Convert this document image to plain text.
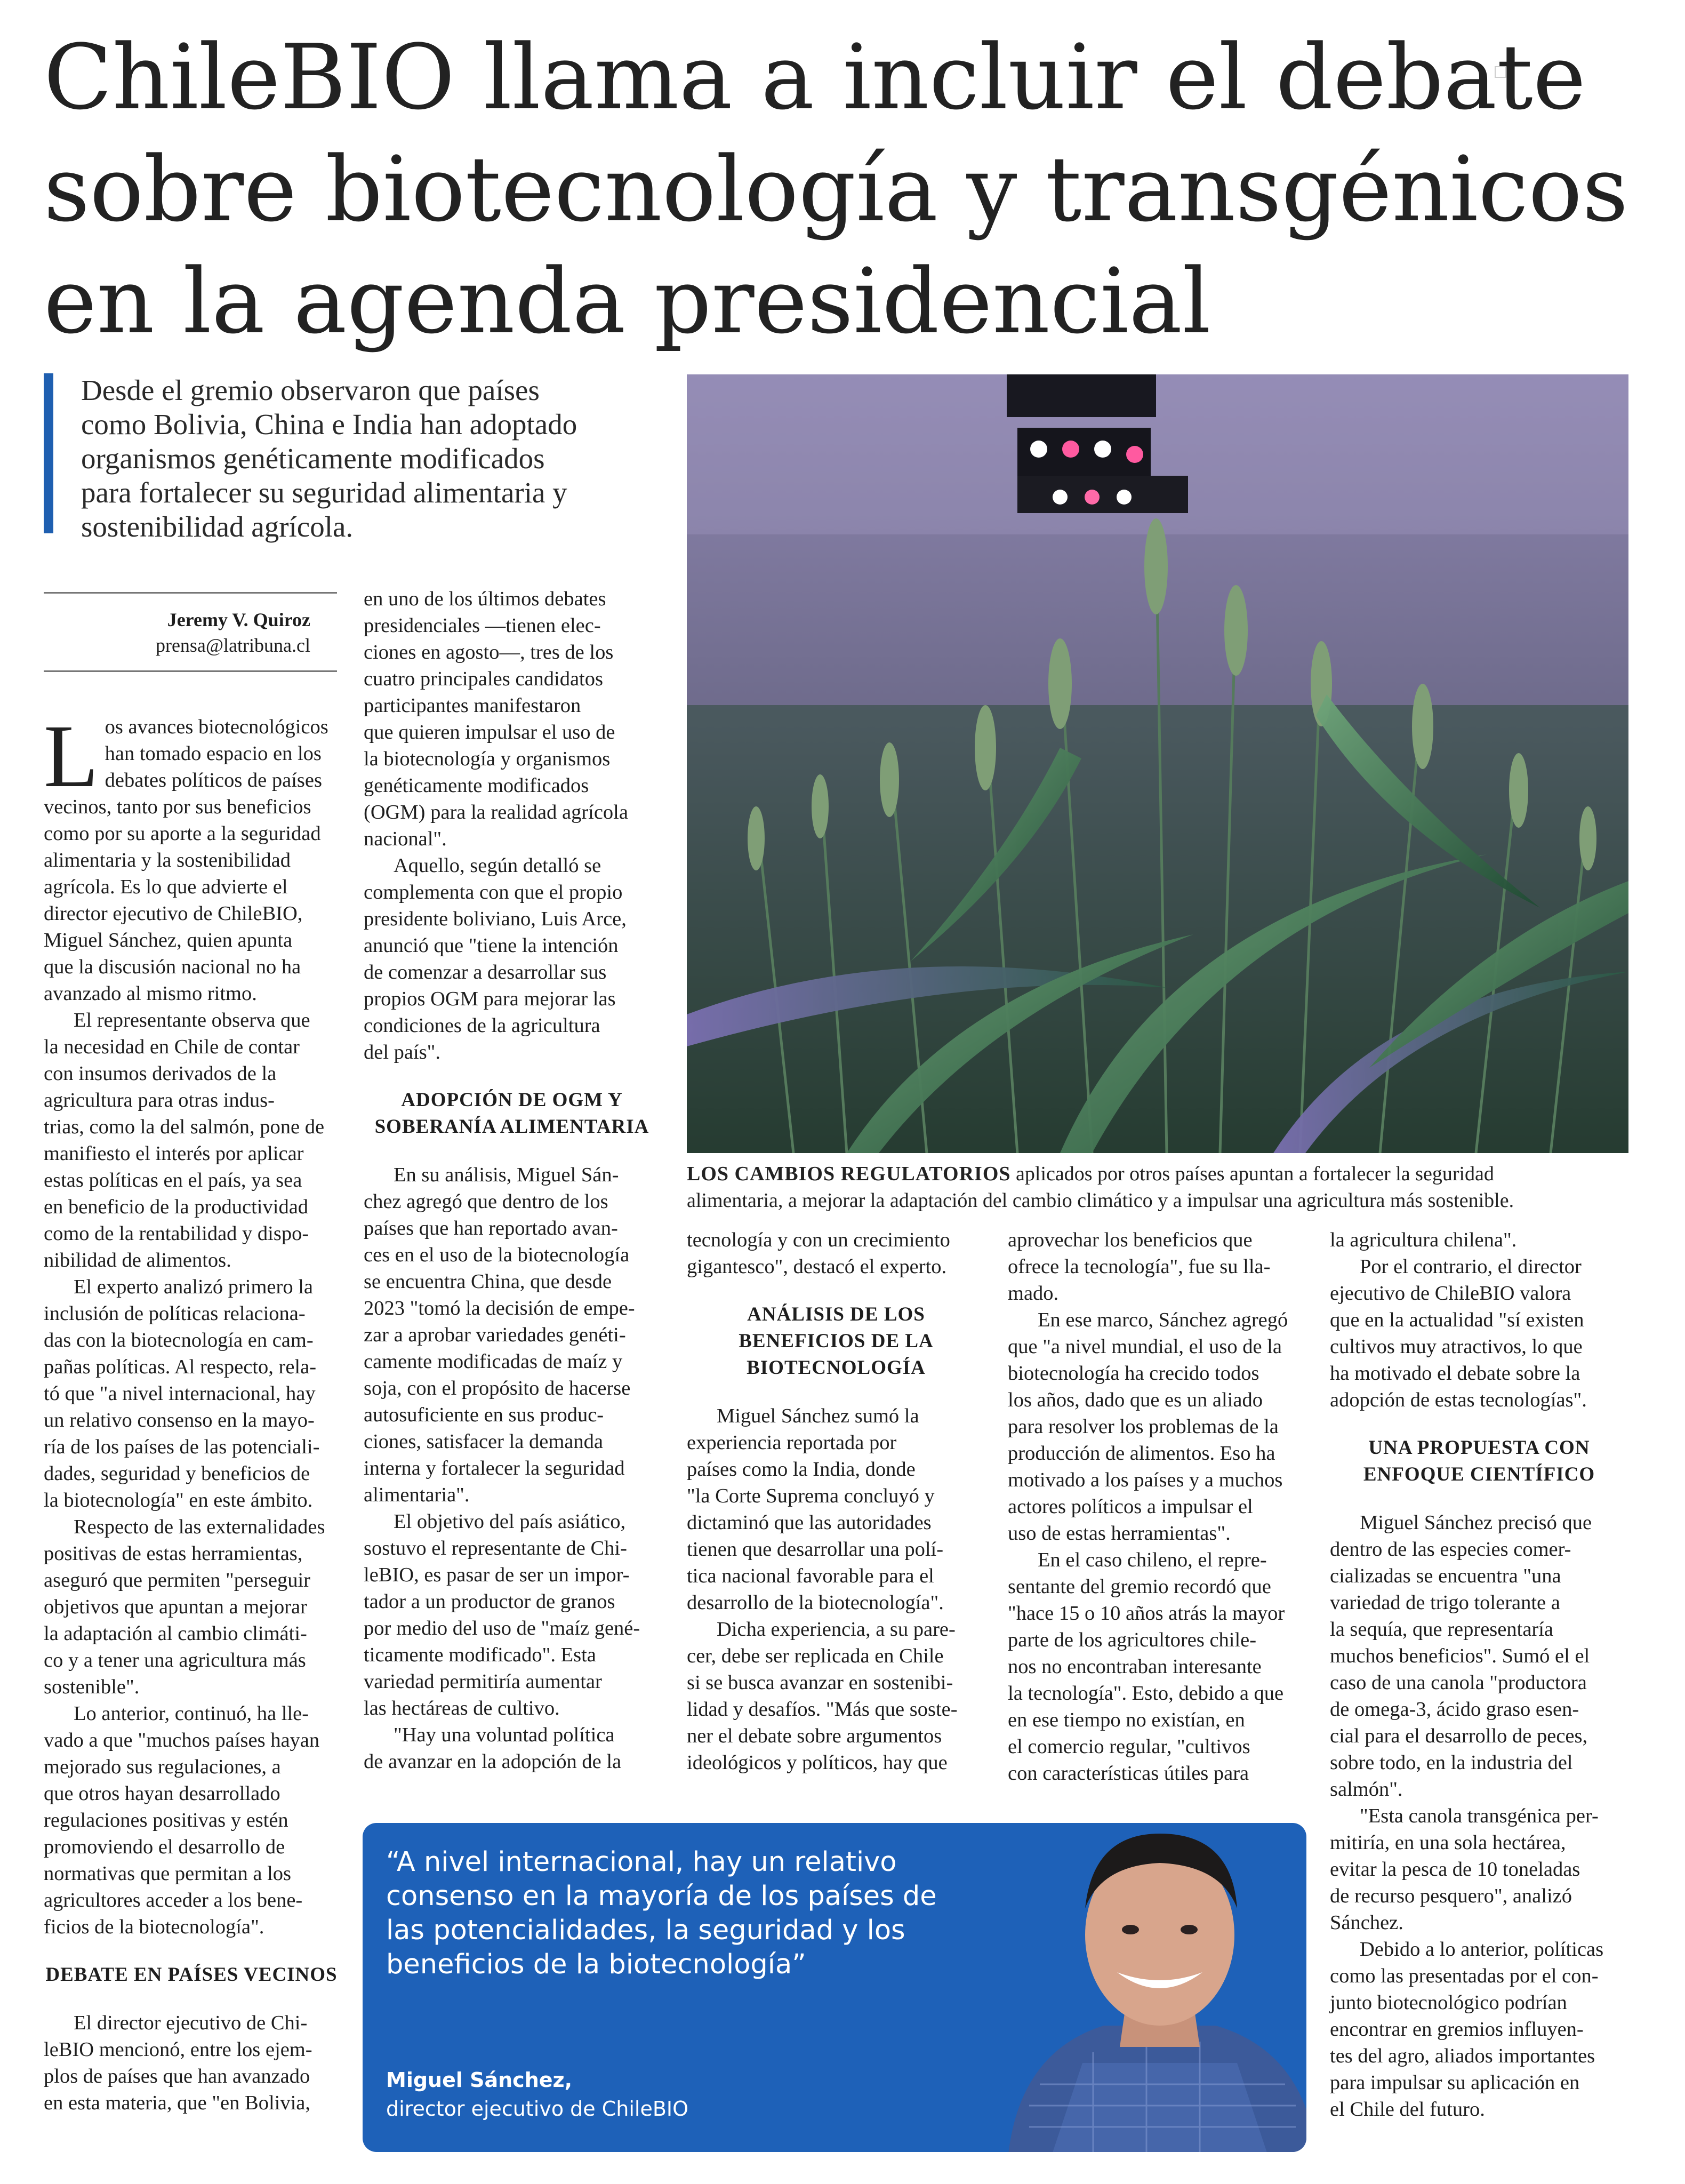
ChileBIO llama a incluir el debate
sobre biotecnología y transgénicos
en la agenda presidencial
Desde el gremio observaron que países
como Bolivia, China e India han adoptado
organismos genéticamente modificados
para fortalecer su seguridad alimentaria y
sostenibilidad agrícola.
LOS CAMBIOS REGULATORIOS aplicados por otros países apuntan a fortalecer la seguridad
alimentaria, a mejorar la adaptación del cambio climático y a impulsar una agricultura más sostenible.
Jeremy V. Quiroz
prensa@latribuna.cl
L os avances biotecnológicos
han tomado espacio en los
debates políticos de países
vecinos, tanto por sus beneficios
como por su aporte a la seguridad
alimentaria y la sostenibilidad
agrícola. Es lo que advierte el
director ejecutivo de ChileBIO,
Miguel Sánchez, quien apunta
que la discusión nacional no ha
avanzado al mismo ritmo.
El representante observa que
la necesidad en Chile de contar
con insumos derivados de la
agricultura para otras indus-
trias, como la del salmón, pone de
manifiesto el interés por aplicar
estas políticas en el país, ya sea
en beneficio de la productividad
como de la rentabilidad y dispo-
nibilidad de alimentos.
El experto analizó primero la
inclusión de políticas relaciona-
das con la biotecnología en cam-
pañas políticas. Al respecto, rela-
tó que "a nivel internacional, hay
un relativo consenso en la mayo-
ría de los países de las potenciali-
dades, seguridad y beneficios de
la biotecnología" en este ámbito.
Respecto de las externalidades
positivas de estas herramientas,
aseguró que permiten "perseguir
objetivos que apuntan a mejorar
la adaptación al cambio climáti-
co y a tener una agricultura más
sostenible".
Lo anterior, continuó, ha lle-
vado a que "muchos países hayan
mejorado sus regulaciones, a
que otros hayan desarrollado
regulaciones positivas y estén
promoviendo el desarrollo de
normativas que permitan a los
agricultores acceder a los bene-
ficios de la biotecnología".
DEBATE EN PAÍSES VECINOS
El director ejecutivo de Chi-
leBIO mencionó, entre los ejem-
plos de países que han avanzado
en esta materia, que "en Bolivia,
en uno de los últimos debates
presidenciales —tienen elec-
ciones en agosto—, tres de los
cuatro principales candidatos
participantes manifestaron
que quieren impulsar el uso de
la biotecnología y organismos
genéticamente modificados
(OGM) para la realidad agrícola
nacional".
Aquello, según detalló se
complementa con que el propio
presidente boliviano, Luis Arce,
anunció que "tiene la intención
de comenzar a desarrollar sus
propios OGM para mejorar las
condiciones de la agricultura
del país".
ADOPCIÓN DE OGM Y
SOBERANÍA ALIMENTARIA
En su análisis, Miguel Sán-
chez agregó que dentro de los
países que han reportado avan-
ces en el uso de la biotecnología
se encuentra China, que desde
2023 "tomó la decisión de empe-
zar a aprobar variedades genéti-
camente modificadas de maíz y
soja, con el propósito de hacerse
autosuficiente en sus produc-
ciones, satisfacer la demanda
interna y fortalecer la seguridad
alimentaria".
El objetivo del país asiático,
sostuvo el representante de Chi-
leBIO, es pasar de ser un impor-
tador a un productor de granos
por medio del uso de "maíz gené-
ticamente modificado". Esta
variedad permitiría aumentar
las hectáreas de cultivo.
"Hay una voluntad política
de avanzar en la adopción de la
tecnología y con un crecimiento
gigantesco", destacó el experto.
ANÁLISIS DE LOS
BENEFICIOS DE LA
BIOTECNOLOGÍA
Miguel Sánchez sumó la
experiencia reportada por
países como la India, donde
"la Corte Suprema concluyó y
dictaminó que las autoridades
tienen que desarrollar una polí-
tica nacional favorable para el
desarrollo de la biotecnología".
Dicha experiencia, a su pare-
cer, debe ser replicada en Chile
si se busca avanzar en sostenibi-
lidad y desafíos. "Más que soste-
ner el debate sobre argumentos
ideológicos y políticos, hay que
aprovechar los beneficios que
ofrece la tecnología", fue su lla-
mado.
En ese marco, Sánchez agregó
que "a nivel mundial, el uso de la
biotecnología ha crecido todos
los años, dado que es un aliado
para resolver los problemas de la
producción de alimentos. Eso ha
motivado a los países y a muchos
actores políticos a impulsar el
uso de estas herramientas".
En el caso chileno, el repre-
sentante del gremio recordó que
"hace 15 o 10 años atrás la mayor
parte de los agricultores chile-
nos no encontraban interesante
la tecnología". Esto, debido a que
en ese tiempo no existían, en
el comercio regular, "cultivos
con características útiles para
la agricultura chilena".
Por el contrario, el director
ejecutivo de ChileBIO valora
que en la actualidad "sí existen
cultivos muy atractivos, lo que
ha motivado el debate sobre la
adopción de estas tecnologías".
UNA PROPUESTA CON
ENFOQUE CIENTÍFICO
Miguel Sánchez precisó que
dentro de las especies comer-
cializadas se encuentra "una
variedad de trigo tolerante a
la sequía, que representaría
muchos beneficios". Sumó el el
caso de una canola "productora
de omega-3, ácido graso esen-
cial para el desarrollo de peces,
sobre todo, en la industria del
salmón".
"Esta canola transgénica per-
mitiría, en una sola hectárea,
evitar la pesca de 10 toneladas
de recurso pesquero", analizó
Sánchez.
Debido a lo anterior, políticas
como las presentadas por el con-
junto biotecnológico podrían
encontrar en gremios influyen-
tes del agro, aliados importantes
para impulsar su aplicación en
el Chile del futuro.
“A nivel internacional, hay un relativo
consenso en la mayoría de los países de
las potencialidades, la seguridad y los
beneficios de la biotecnología”
Miguel Sánchez,
director ejecutivo de ChileBIO
